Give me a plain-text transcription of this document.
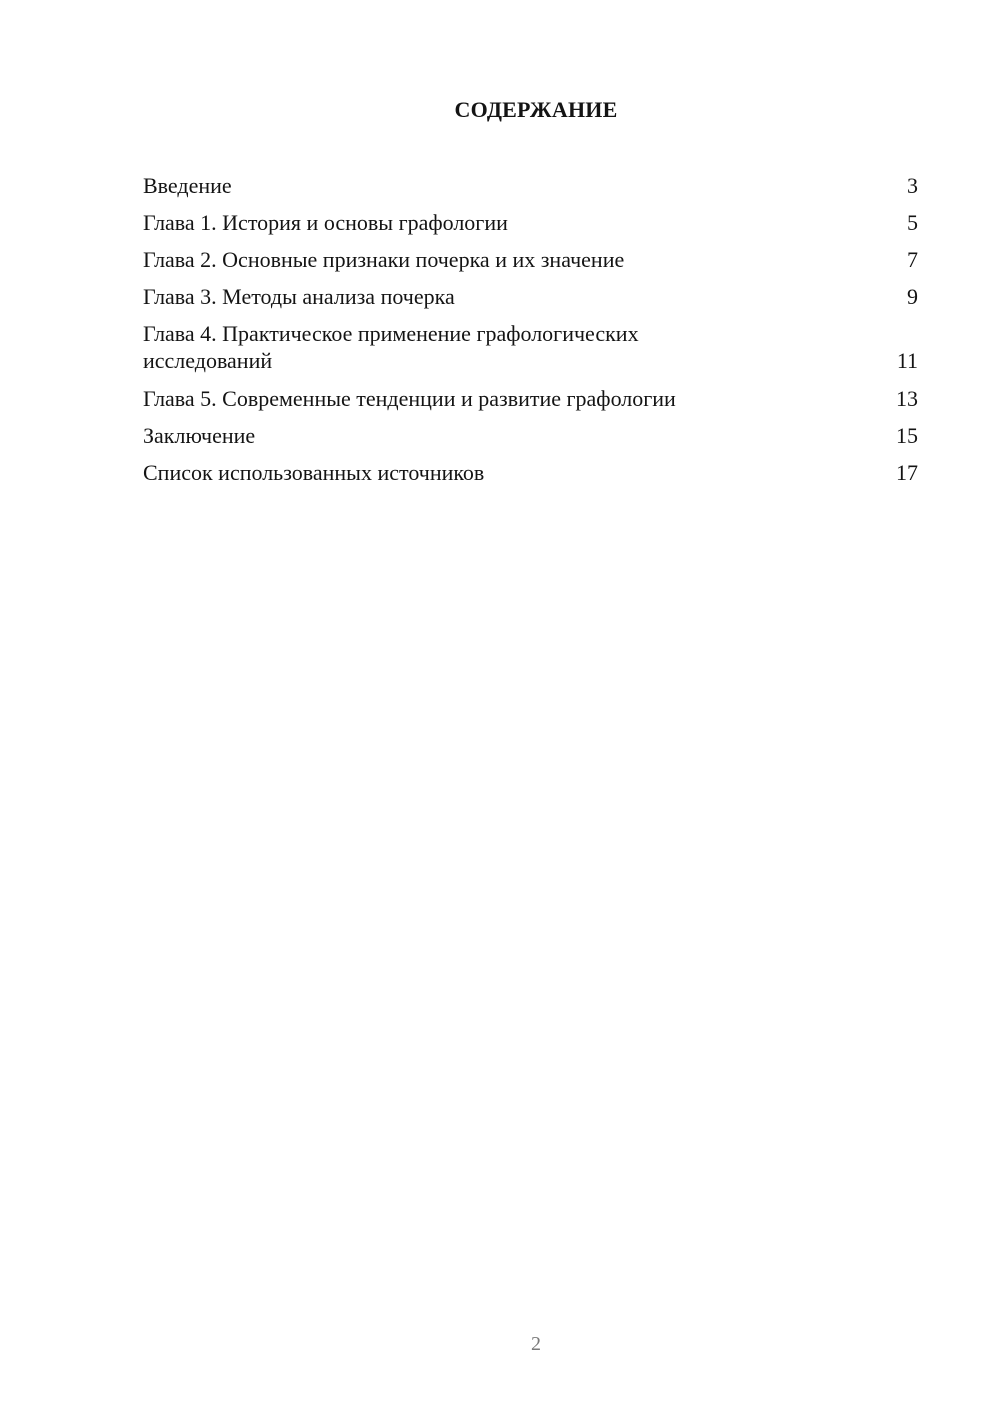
СОДЕРЖАНИЕ
Введение	3
Глава 1. История и основы графологии	5
Глава 2. Основные признаки почерка и их значение	7
Глава 3. Методы анализа почерка	9
Глава 4. Практическое применение графологических исследований	11
Глава 5. Современные тенденции и развитие графологии	13
Заключение	15
Список использованных источников	17
2
